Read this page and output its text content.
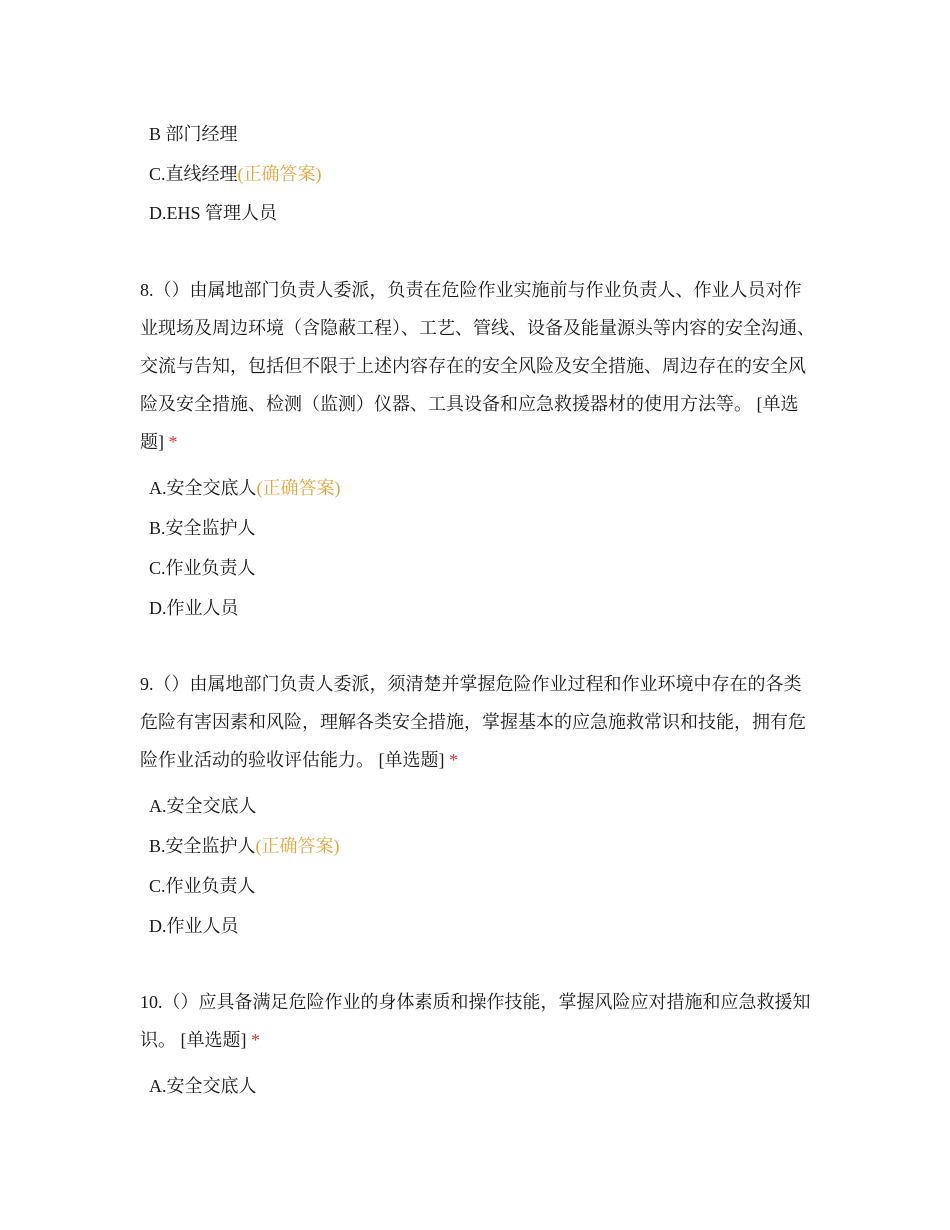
B 部门经理
C.直线经理(正确答案)
D.EHS 管理人员

8.（）由属地部门负责人委派，负责在危险作业实施前与作业负责人、作业人员对作业现场及周边环境（含隐蔽工程）、工艺、管线、设备及能量源头等内容的安全沟通、交流与告知，包括但不限于上述内容存在的安全风险及安全措施、周边存在的安全风险及安全措施、检测（监测）仪器、工具设备和应急救援器材的使用方法等。 [单选题] *

A.安全交底人(正确答案)
B.安全监护人
C.作业负责人
D.作业人员

9.（）由属地部门负责人委派，须清楚并掌握危险作业过程和作业环境中存在的各类危险有害因素和风险，理解各类安全措施，掌握基本的应急施救常识和技能，拥有危险作业活动的验收评估能力。 [单选题] *

A.安全交底人
B.安全监护人(正确答案)
C.作业负责人
D.作业人员

10.（）应具备满足危险作业的身体素质和操作技能，掌握风险应对措施和应急救援知识。 [单选题] *

A.安全交底人
